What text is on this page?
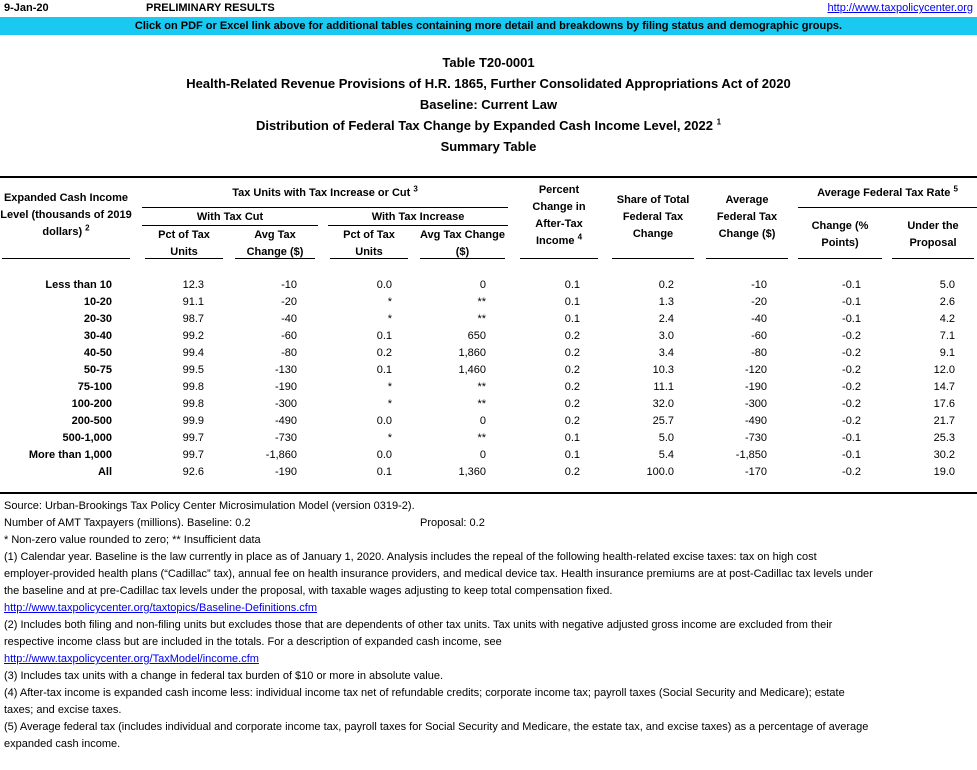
9-Jan-20	PRELIMINARY RESULTS	http://www.taxpolicycenter.org
Click on PDF or Excel link above for additional tables containing more detail and breakdowns by filing status and demographic groups.
Table T20-0001
Health-Related Revenue Provisions of H.R. 1865, Further Consolidated Appropriations Act of 2020
Baseline: Current Law
Distribution of Federal Tax Change by Expanded Cash Income Level, 2022 $^1$
Summary Table
Expanded Cash Income Level (thousands of 2019 dollars) $^2$
Tax Units with Tax Increase or Cut $^3$
With Tax Cut	With Tax Increase
Pct of Tax Units
Avg Tax Change ($)
Pct of Tax Units
Avg Tax Change ($)
Percent Change in After-Tax Income $^4$
Share of Total Federal Tax Change
Average Federal Tax Change ($)
Average Federal Tax Rate $^5$
Change (% Points)
Under the Proposal
Less than 10	12.3	-10	0.0	0	0.1	0.2	-10	-0.1	5.0
10-20	91.1	-20	*	**	0.1	1.3	-20	-0.1	2.6
20-30	98.7	-40	*	**	0.1	2.4	-40	-0.1	4.2
30-40	99.2	-60	0.1	650	0.2	3.0	-60	-0.2	7.1
40-50	99.4	-80	0.2	1,860	0.2	3.4	-80	-0.2	9.1
50-75	99.5	-130	0.1	1,460	0.2	10.3	-120	-0.2	12.0
75-100	99.8	-190	*	**	0.2	11.1	-190	-0.2	14.7
100-200	99.8	-300	*	**	0.2	32.0	-300	-0.2	17.6
200-500	99.9	-490	0.0	0	0.2	25.7	-490	-0.2	21.7
500-1,000	99.7	-730	*	**	0.1	5.0	-730	-0.1	25.3
More than 1,000	99.7	-1,860	0.0	0	0.1	5.4	-1,850	-0.1	30.2
All	92.6	-190	0.1	1,360	0.2	100.0	-170	-0.2	19.0
Source: Urban-Brookings Tax Policy Center Microsimulation Model (version 0319-2).
Number of AMT Taxpayers (millions). Baseline: 0.2	Proposal: 0.2
* Non-zero value rounded to zero; ** Insufficient data
(1) Calendar year. Baseline is the law currently in place as of January 1, 2020. Analysis includes the repeal of the following health-related excise taxes: tax on high cost
employer-provided health plans (“Cadillac” tax), annual fee on health insurance providers, and medical device tax. Health insurance premiums are at post-Cadillac tax levels under
the baseline and at pre-Cadillac tax levels under the proposal, with taxable wages adjusting to keep total compensation fixed.
http://www.taxpolicycenter.org/taxtopics/Baseline-Definitions.cfm
(2) Includes both filing and non-filing units but excludes those that are dependents of other tax units. Tax units with negative adjusted gross income are excluded from their
respective income class but are included in the totals. For a description of expanded cash income, see
http://www.taxpolicycenter.org/TaxModel/income.cfm
(3) Includes tax units with a change in federal tax burden of $10 or more in absolute value.
(4) After-tax income is expanded cash income less: individual income tax net of refundable credits; corporate income tax; payroll taxes (Social Security and Medicare); estate
taxes; and excise taxes.
(5) Average federal tax (includes individual and corporate income tax, payroll taxes for Social Security and Medicare, the estate tax, and excise taxes) as a percentage of average
expanded cash income.
